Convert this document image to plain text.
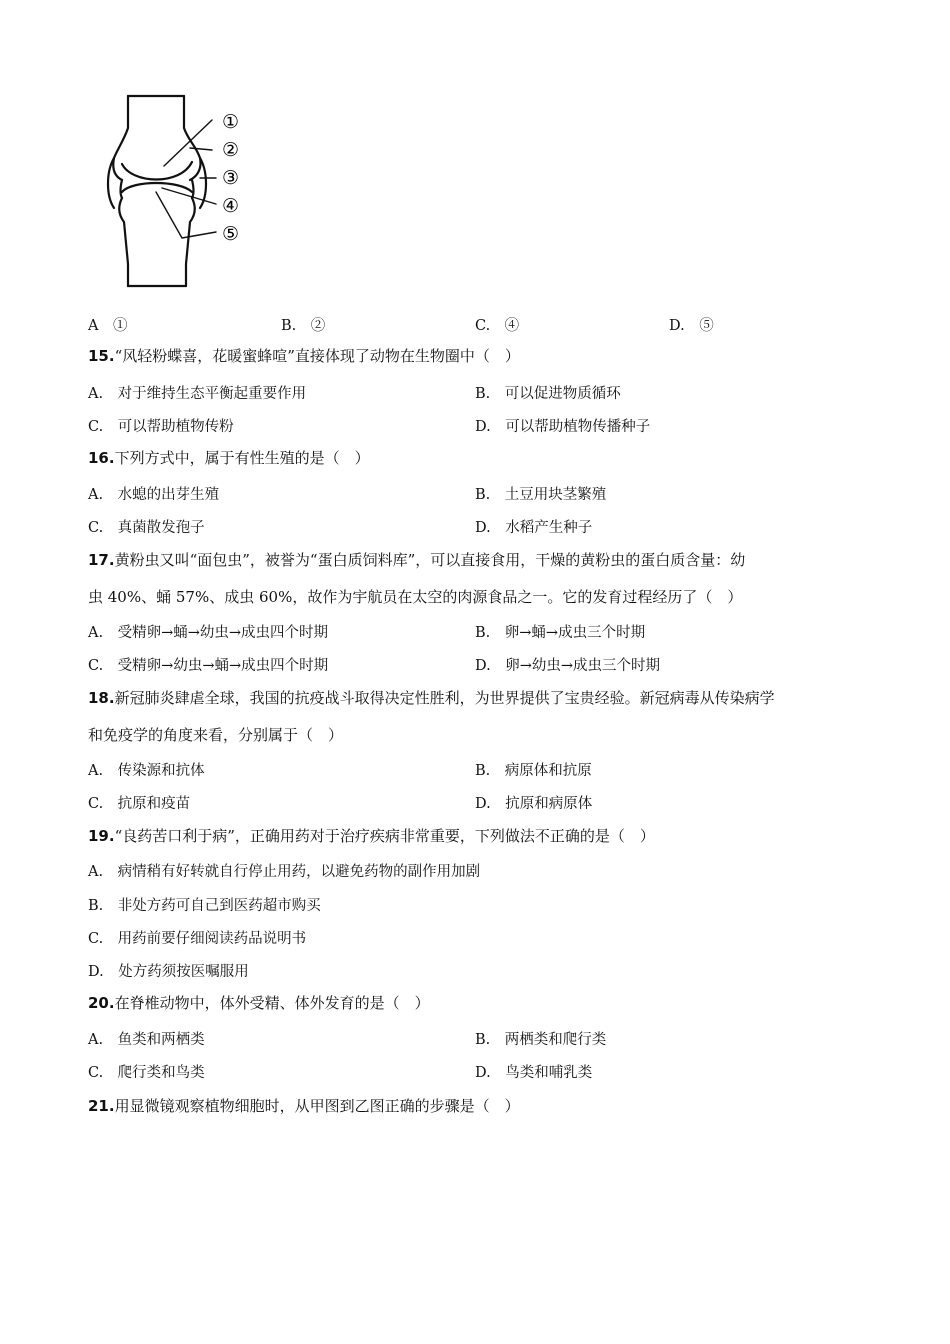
①
②
③
④
⑤
A　①	B.　②	C.　④	D.　⑤
15.“风轻粉蝶喜，花暖蜜蜂喧”直接体现了动物在生物圈中（　）
A.　对于维持生态平衡起重要作用	B.　可以促进物质循环
C.　可以帮助植物传粉	D.　可以帮助植物传播种子
16.下列方式中，属于有性生殖的是（　）
A.　水螅的出芽生殖	B.　土豆用块茎繁殖
C.　真菌散发孢子	D.　水稻产生种子
17.黄粉虫又叫“面包虫”，被誉为“蛋白质饲料库”，可以直接食用，干燥的黄粉虫的蛋白质含量：幼
虫 40%、蛹 57%、成虫 60%，故作为宇航员在太空的肉源食品之一。它的发育过程经历了（　）
A.　受精卵→蛹→幼虫→成虫四个时期	B.　卵→蛹→成虫三个时期
C.　受精卵→幼虫→蛹→成虫四个时期	D.　卵→幼虫→成虫三个时期
18.新冠肺炎肆虐全球，我国的抗疫战斗取得决定性胜利，为世界提供了宝贵经验。新冠病毒从传染病学
和免疫学的角度来看，分别属于（　）
A.　传染源和抗体	B.　病原体和抗原
C.　抗原和疫苗	D.　抗原和病原体
19.“良药苦口利于病”，正确用药对于治疗疾病非常重要，下列做法不正确的是（　）
A.　病情稍有好转就自行停止用药，以避免药物的副作用加剧
B.　非处方药可自己到医药超市购买
C.　用药前要仔细阅读药品说明书
D.　处方药须按医嘱服用
20.在脊椎动物中，体外受精、体外发育的是（　）
A.　鱼类和两栖类	B.　两栖类和爬行类
C.　爬行类和鸟类	D.　鸟类和哺乳类
21.用显微镜观察植物细胞时，从甲图到乙图正确的步骤是（　）
